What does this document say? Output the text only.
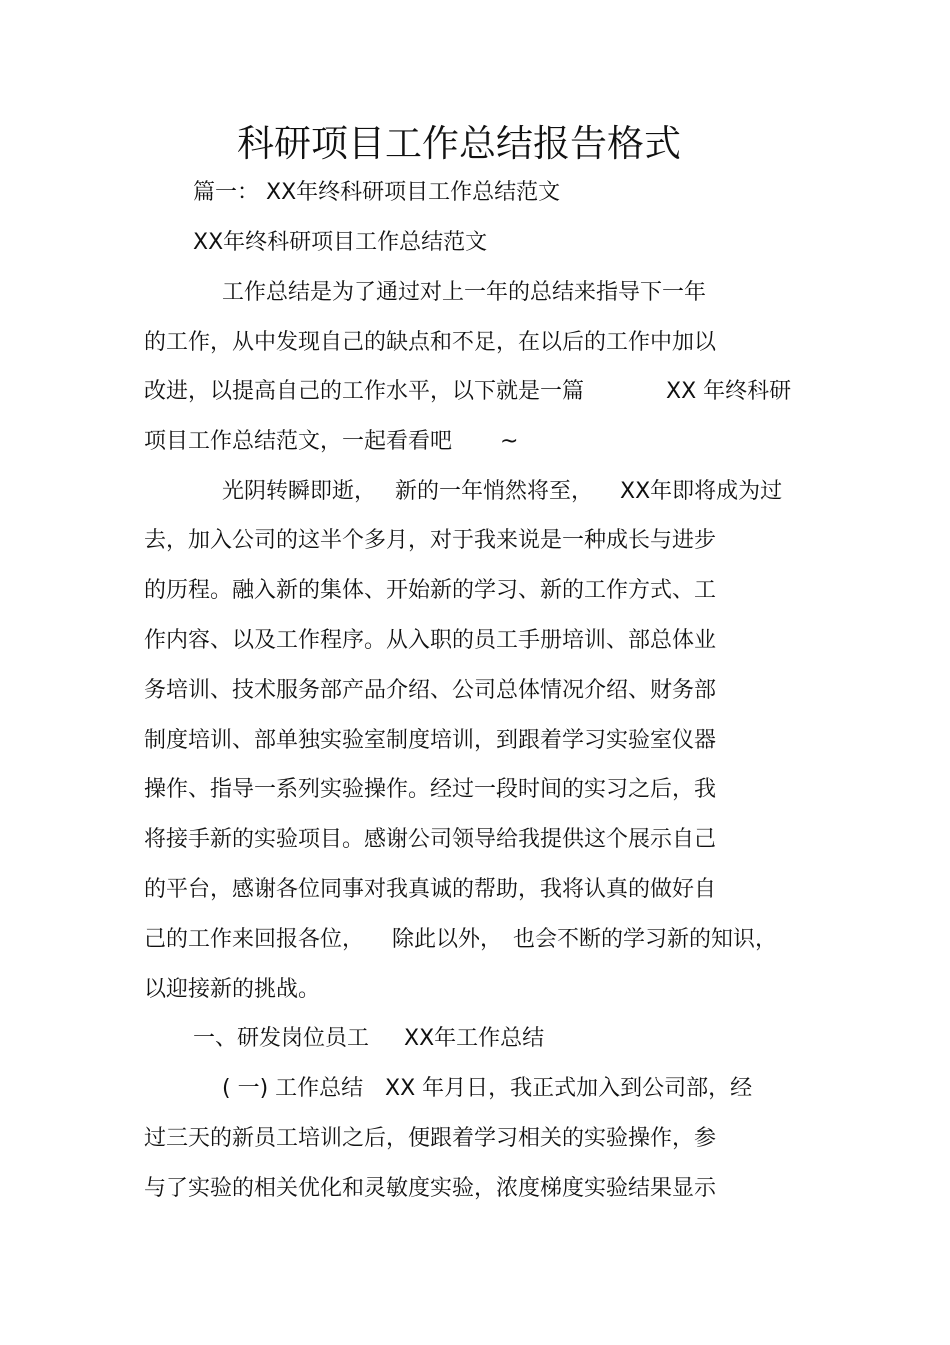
科研项目工作总结报告格式
篇一： XX年终科研项目工作总结范文
XX年终科研项目工作总结范文
工作总结是为了通过对上一年的总结来指导下一年
的工作，从中发现自己的缺点和不足，在以后的工作中加以
改进，以提高自己的工作水平，以下就是一篇	XX 年终科研
项目工作总结范文，一起看看吧 ~
光阴转瞬即逝， 新的一年悄然将至， XX年即将成为过
去，加入公司的这半个多月，对于我来说是一种成长与进步
的历程。融入新的集体、开始新的学习、新的工作方式、工
作内容、以及工作程序。从入职的员工手册培训、部总体业
务培训、技术服务部产品介绍、公司总体情况介绍、财务部
制度培训、部单独实验室制度培训，到跟着学习实验室仪器
操作、指导一系列实验操作。经过一段时间的实习之后，我
将接手新的实验项目。感谢公司领导给我提供这个展示自己
的平台，感谢各位同事对我真诚的帮助，我将认真的做好自
己的工作来回报各位， 除此以外， 也会不断的学习新的知识，
以迎接新的挑战。
一、研发岗位员工 XX年工作总结
( 一) 工作总结 XX 年月日，我正式加入到公司部，经
过三天的新员工培训之后，便跟着学习相关的实验操作，参
与了实验的相关优化和灵敏度实验，浓度梯度实验结果显示
